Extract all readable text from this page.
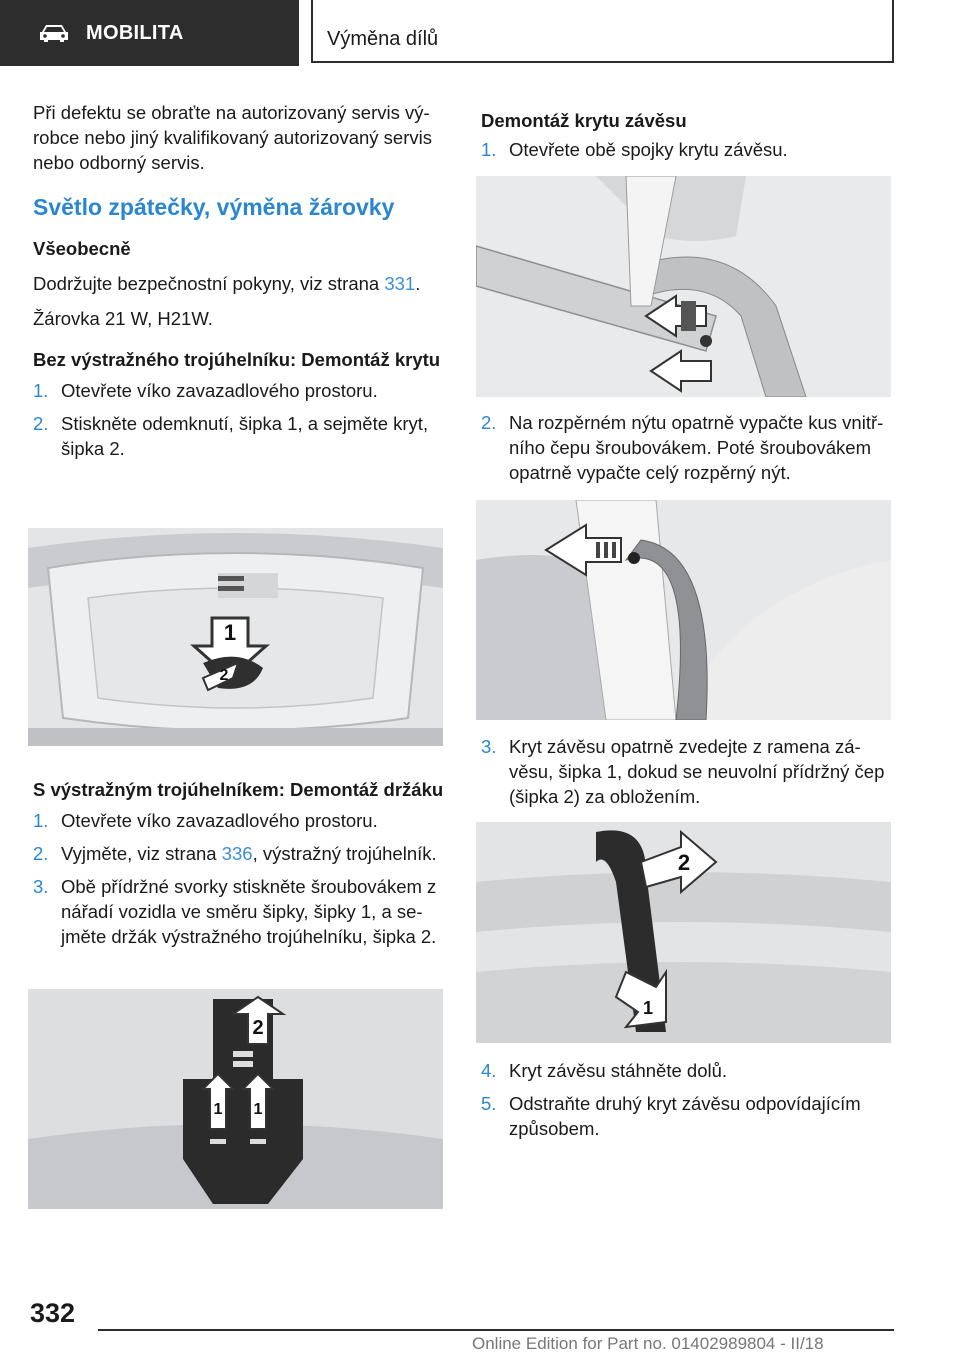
MOBILITA	Výměna dílů

Při defektu se obraťte na autorizovaný servis výrobce nebo jiný kvalifikovaný autorizovaný servis nebo odborný servis.

Světlo zpátečky, výměna žárovky

Všeobecně

Dodržujte bezpečnostní pokyny, viz strana 331.

Žárovka 21 W, H21W.

Bez výstražného trojúhelníku: Demontáž krytu

1. Otevřete víko zavazadlového prostoru.
2. Stiskněte odemknutí, šipka 1, a sejměte kryt, šipka 2.

S výstražným trojúhelníkem: Demontáž držáku

1. Otevřete víko zavazadlového prostoru.
2. Vyjměte, viz strana 336, výstražný trojúhelník.
3. Obě přídržné svorky stiskněte šroubovákem z nářadí vozidla ve směru šipky, šipky 1, a sejměte držák výstražného trojúhelníku, šipka 2.

Demontáž krytu závěsu

1. Otevřete obě spojky krytu závěsu.
2. Na rozpěrném nýtu opatrně vypačte kus vnitřního čepu šroubovákem. Poté šroubovákem opatrně vypačte celý rozpěrný nýt.
3. Kryt závěsu opatrně zvedejte z ramena závěsu, šipka 1, dokud se neuvolní přídržný čep (šipka 2) za obložením.
4. Kryt závěsu stáhněte dolů.
5. Odstraňte druhý kryt závěsu odpovídajícím způsobem.
1
2
2
1 1
2
1
332
Online Edition for Part no. 01402989804 - II/18
